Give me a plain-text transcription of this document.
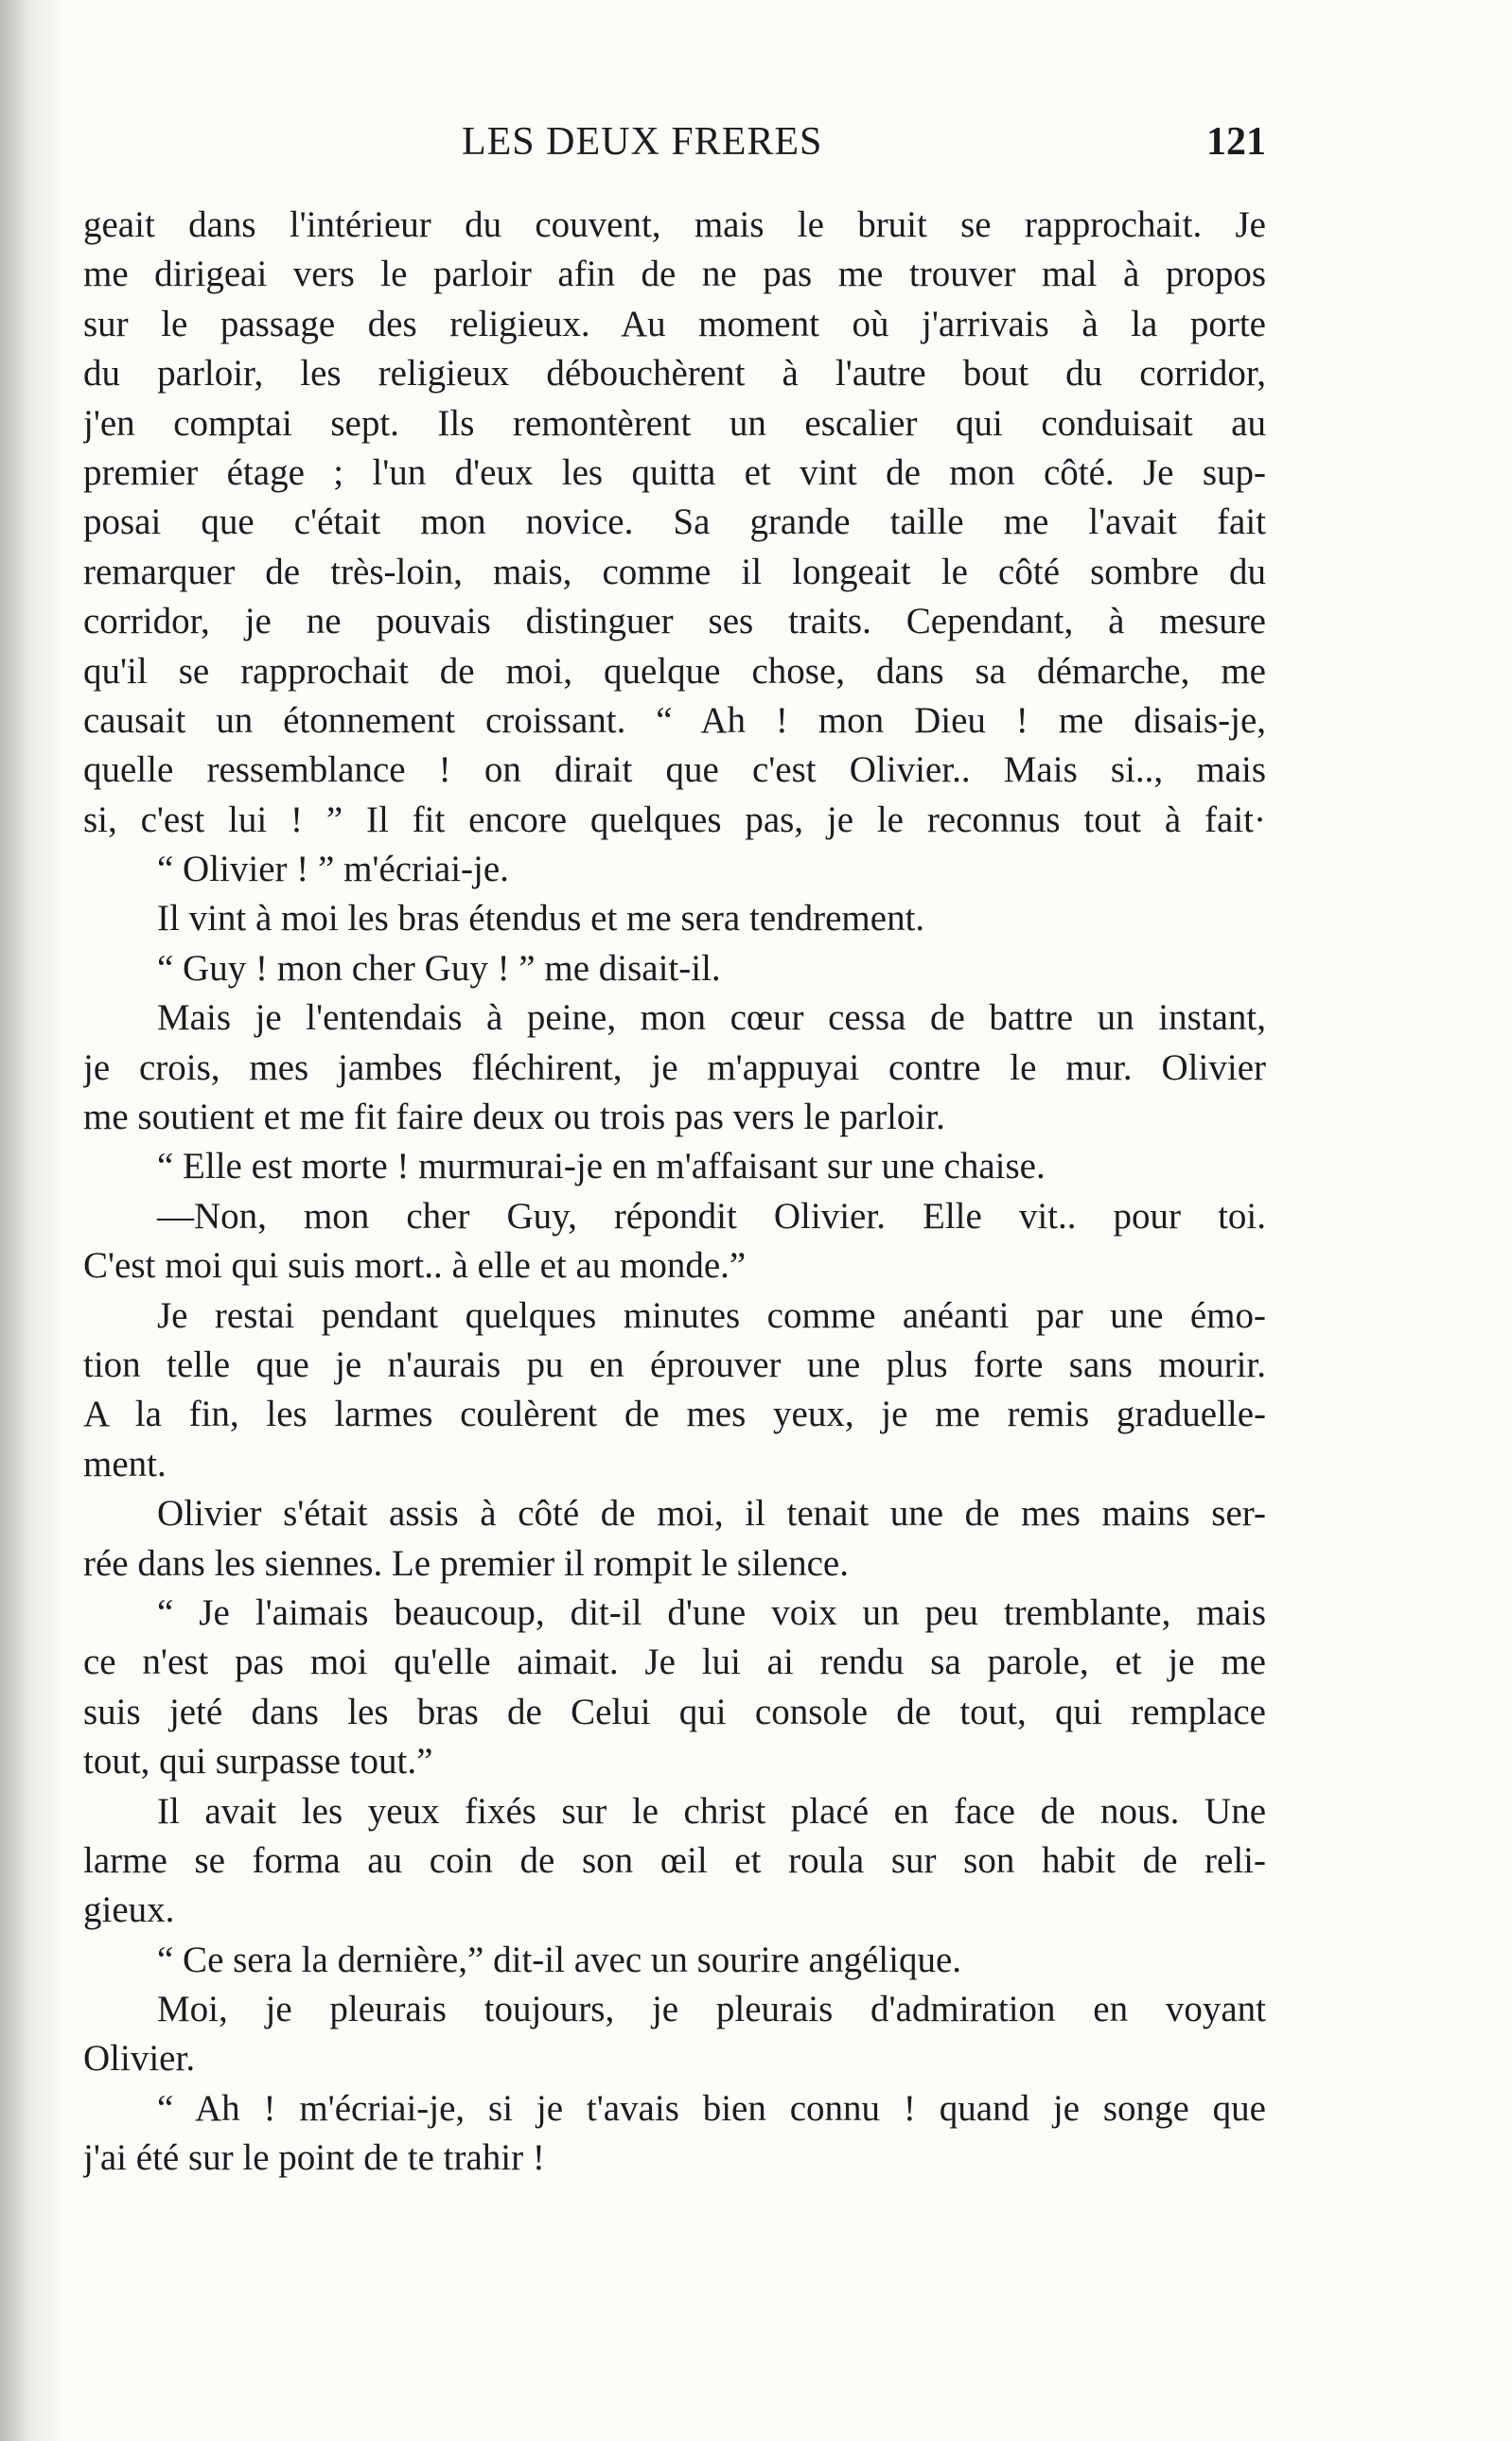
LES DEUX FRERES	121
geait dans l'intérieur du couvent, mais le bruit se rapprochait. Je
me dirigeai vers le parloir afin de ne pas me trouver mal à propos
sur le passage des religieux. Au moment où j'arrivais à la porte
du parloir, les religieux débouchèrent à l'autre bout du corridor,
j'en comptai sept. Ils remontèrent un escalier qui conduisait au
premier étage ; l'un d'eux les quitta et vint de mon côté. Je sup-
posai que c'était mon novice. Sa grande taille me l'avait fait
remarquer de très-loin, mais, comme il longeait le côté sombre du
corridor, je ne pouvais distinguer ses traits. Cependant, à mesure
qu'il se rapprochait de moi, quelque chose, dans sa démarche, me
causait un étonnement croissant. “ Ah ! mon Dieu ! me disais-je,
quelle ressemblance ! on dirait que c'est Olivier.. Mais si.., mais
si, c'est lui ! ” Il fit encore quelques pas, je le reconnus tout à fait·
  “ Olivier ! ” m'écriai-je.
  Il vint à moi les bras étendus et me sera tendrement.
  “ Guy ! mon cher Guy ! ” me disait-il.
  Mais je l'entendais à peine, mon cœur cessa de battre un instant,
je crois, mes jambes fléchirent, je m'appuyai contre le mur. Olivier
me soutient et me fit faire deux ou trois pas vers le parloir.
  “ Elle est morte ! murmurai-je en m'affaisant sur une chaise.
  —Non, mon cher Guy, répondit Olivier. Elle vit.. pour toi.
C'est moi qui suis mort.. à elle et au monde.”
  Je restai pendant quelques minutes comme anéanti par une émo-
tion telle que je n'aurais pu en éprouver une plus forte sans mourir.
A la fin, les larmes coulèrent de mes yeux, je me remis graduelle-
ment.
  Olivier s'était assis à côté de moi, il tenait une de mes mains ser-
rée dans les siennes. Le premier il rompit le silence.
  “ Je l'aimais beaucoup, dit-il d'une voix un peu tremblante, mais
ce n'est pas moi qu'elle aimait. Je lui ai rendu sa parole, et je me
suis jeté dans les bras de Celui qui console de tout, qui remplace
tout, qui surpasse tout.”
  Il avait les yeux fixés sur le christ placé en face de nous. Une
larme se forma au coin de son œil et roula sur son habit de reli-
gieux.
  “ Ce sera la dernière,” dit-il avec un sourire angélique.
  Moi, je pleurais toujours, je pleurais d'admiration en voyant
Olivier.
  “ Ah ! m'écriai-je, si je t'avais bien connu ! quand je songe que
j'ai été sur le point de te trahir !
